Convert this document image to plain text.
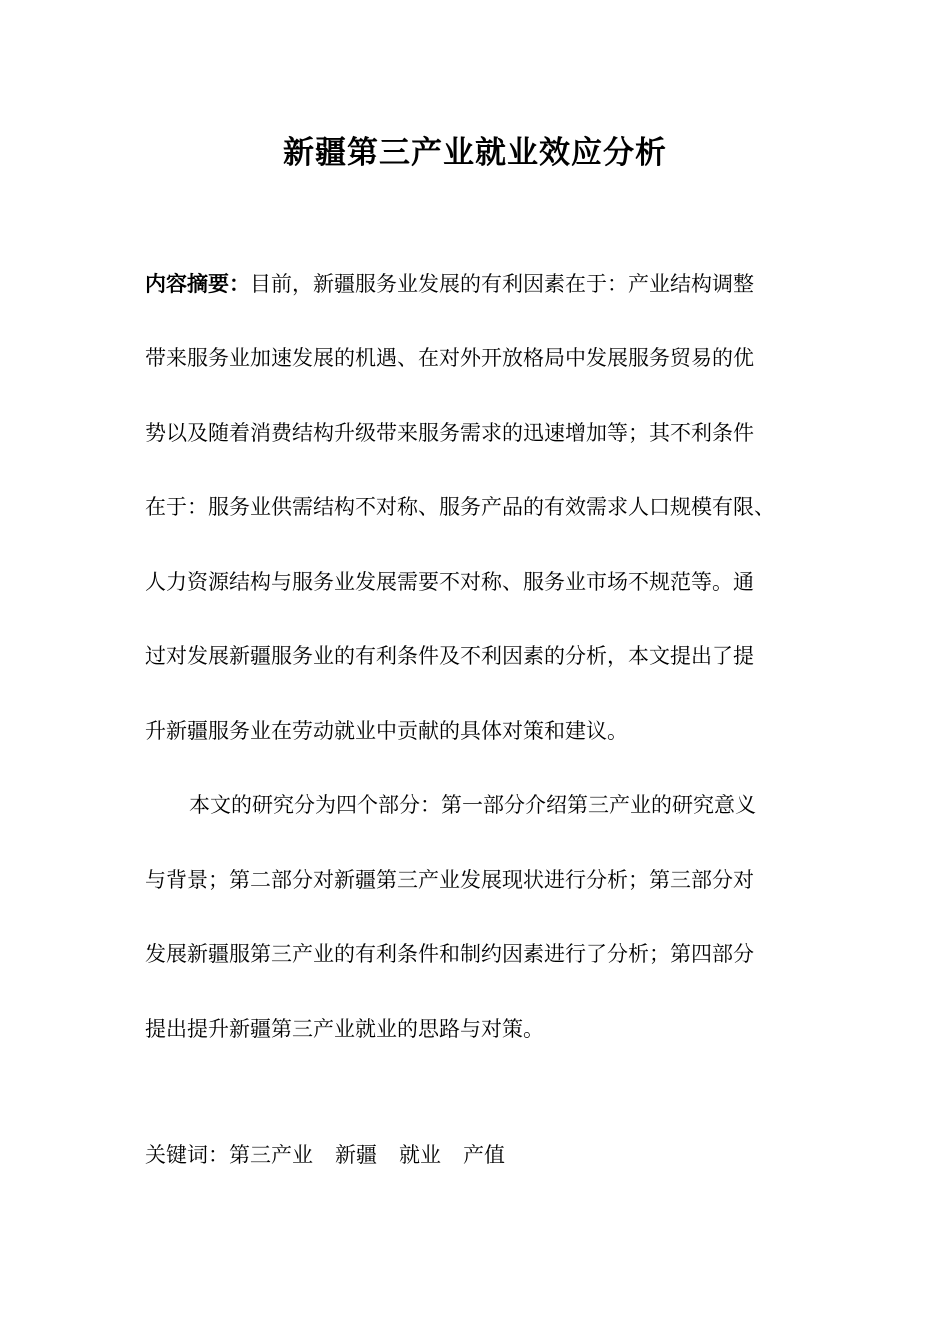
新疆第三产业就业效应分析
内容摘要：目前，新疆服务业发展的有利因素在于：产业结构调整
带来服务业加速发展的机遇、在对外开放格局中发展服务贸易的优
势以及随着消费结构升级带来服务需求的迅速增加等；其不利条件
在于：服务业供需结构不对称、服务产品的有效需求人口规模有限、
人力资源结构与服务业发展需要不对称、服务业市场不规范等。通
过对发展新疆服务业的有利条件及不利因素的分析，本文提出了提
升新疆服务业在劳动就业中贡献的具体对策和建议。
本文的研究分为四个部分：第一部分介绍第三产业的研究意义
与背景；第二部分对新疆第三产业发展现状进行分析；第三部分对
发展新疆服第三产业的有利条件和制约因素进行了分析；第四部分
提出提升新疆第三产业就业的思路与对策。
关键词：第三产业 新疆 就业 产值
